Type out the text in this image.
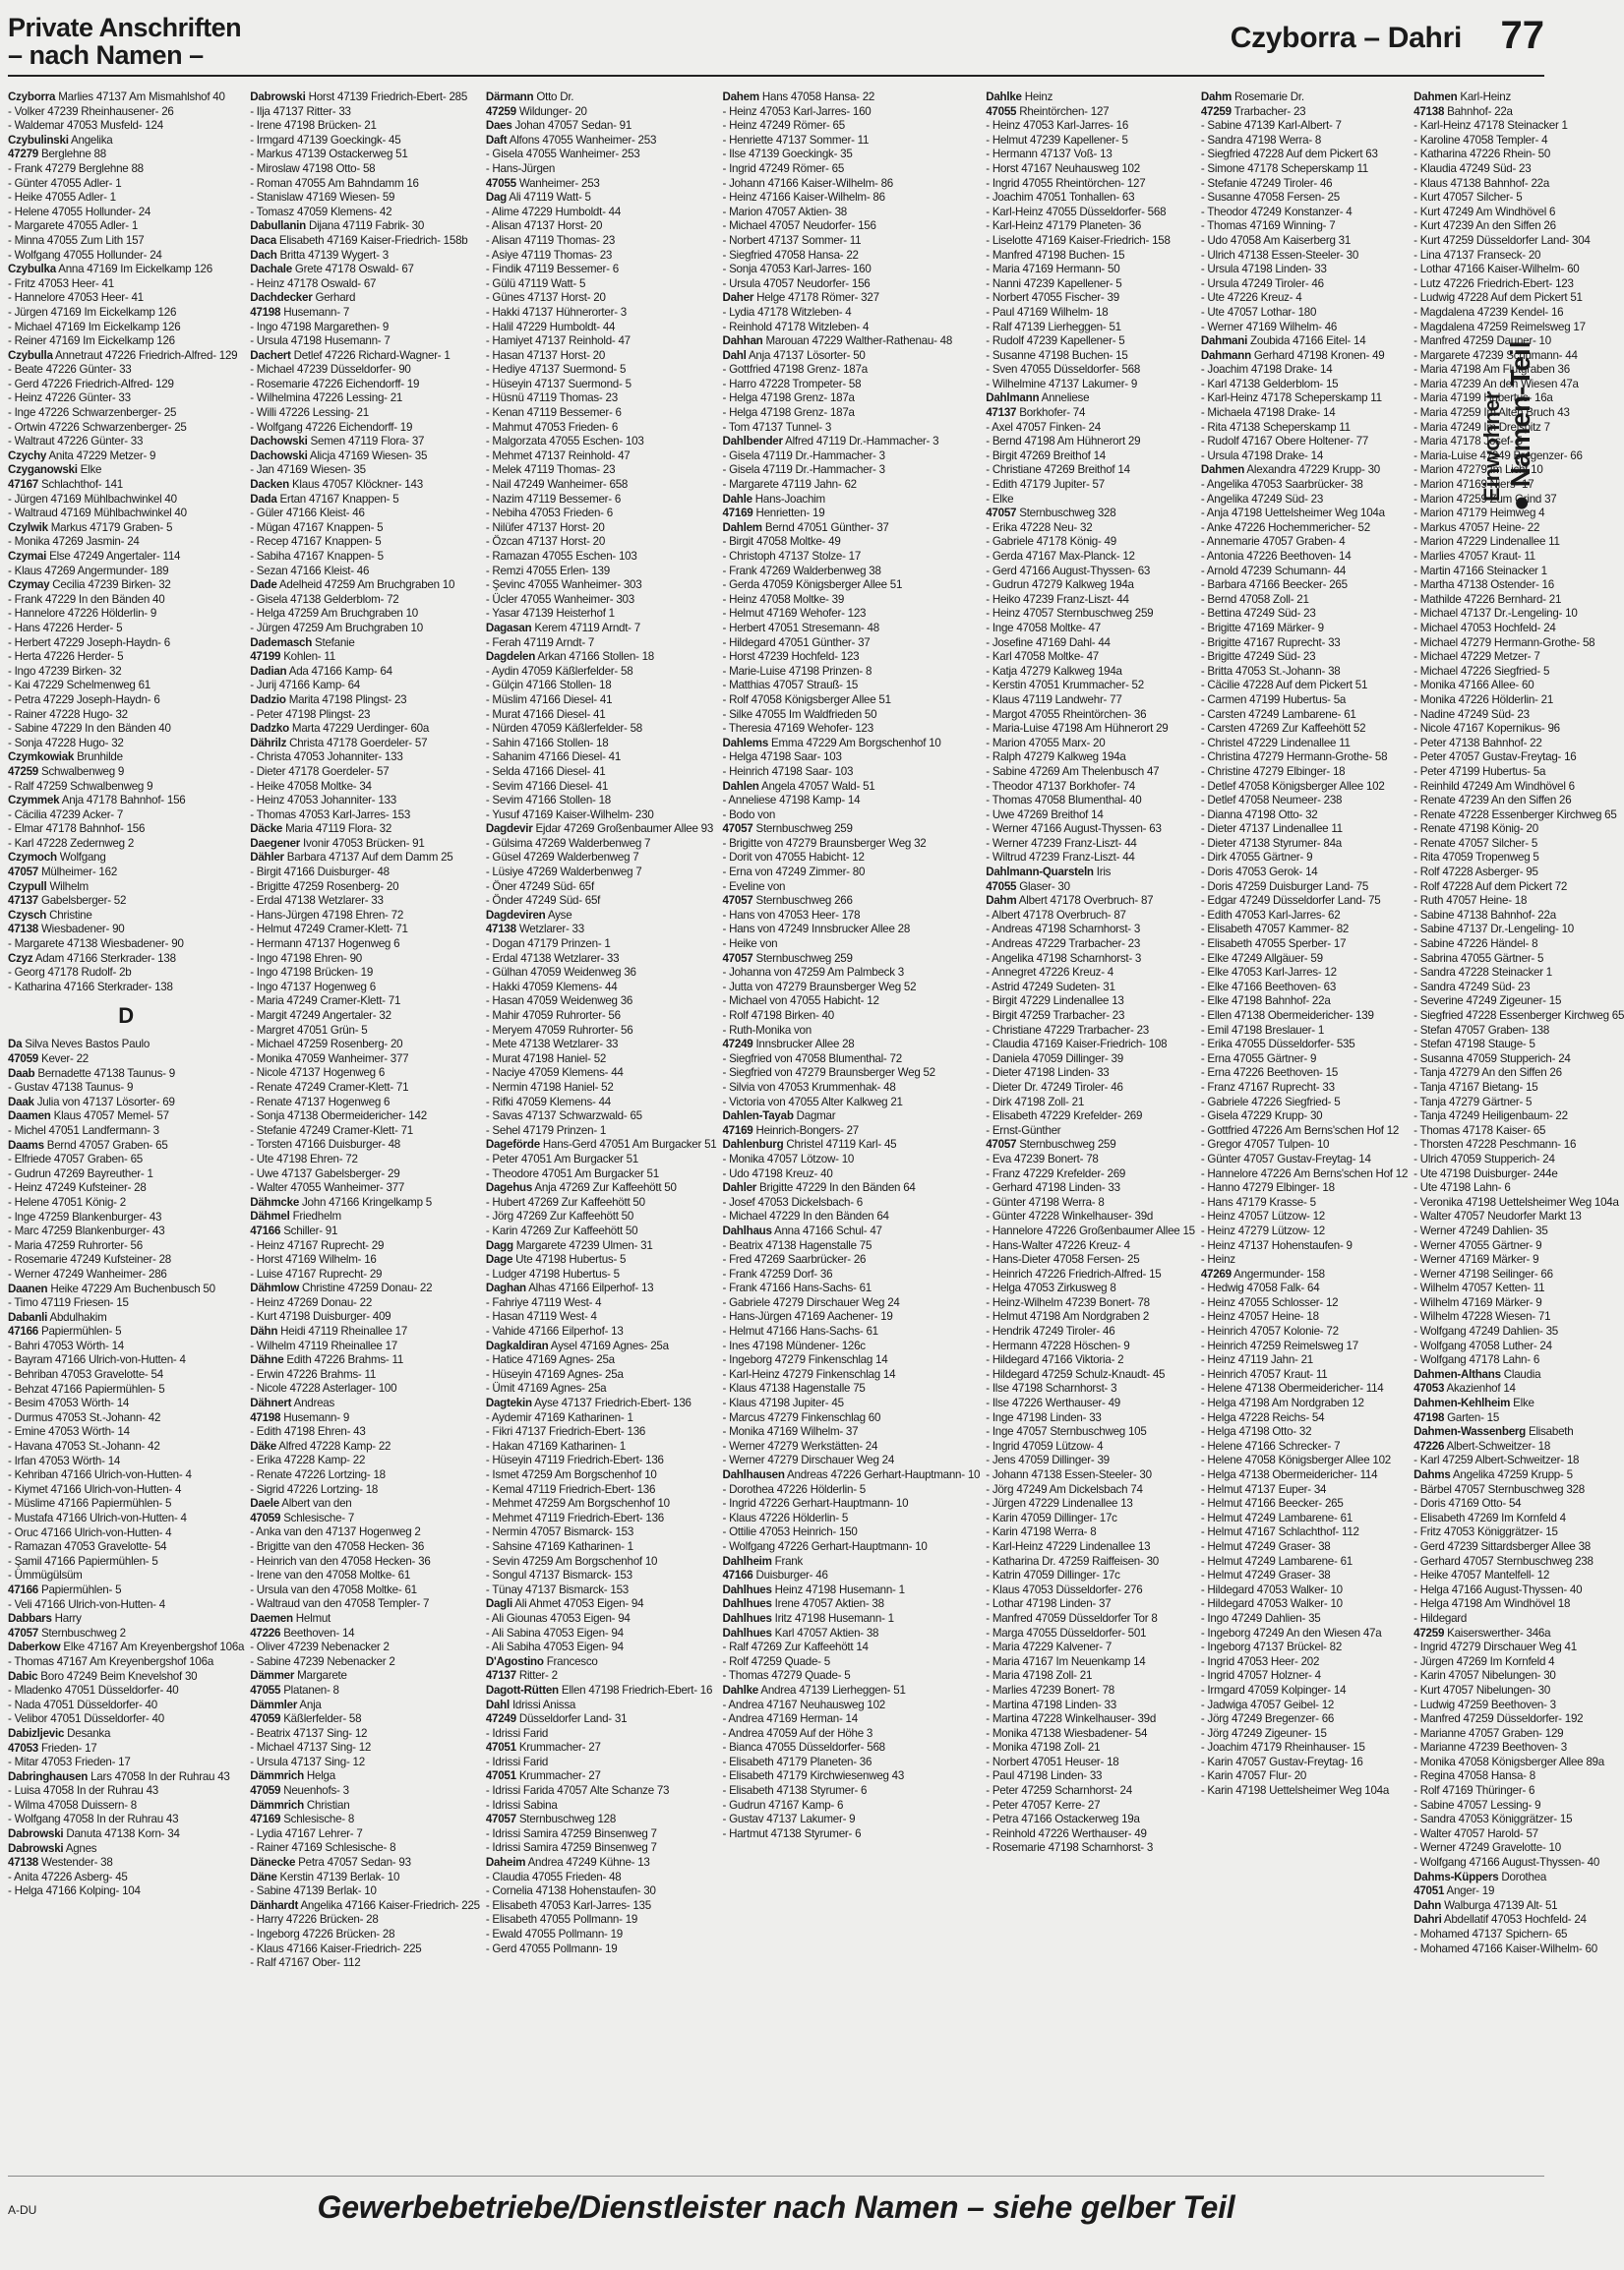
Private Anschriften
– nach Namen –
Czyborra – Dahri 77
Czyborra Marlies 47137 Am Mismahlshof 40
- Volker 47239 Rheinhausener- 26
- Waldemar 47053 Musfeld- 124
Czybulinski Angelika
47279 Berglehne 88
- Frank 47279 Berglehne 88
- Günter 47055 Adler- 1
- Heike 47055 Adler- 1
- Helene 47055 Hollunder- 24
- Margarete 47055 Adler- 1
- Minna 47055 Zum Lith 157
- Wolfgang 47055 Hollunder- 24
Czybulka Anna 47169 Im Eickelkamp 126
- Fritz 47053 Heer- 41
- Hannelore 47053 Heer- 41
- Jürgen 47169 Im Eickelkamp 126
- Michael 47169 Im Eickelkamp 126
- Reiner 47169 Im Eickelkamp 126
Czybulla Annetraut 47226 Friedrich-Alfred- 129
- Beate 47226 Günter- 33
- Gerd 47226 Friedrich-Alfred- 129
- Heinz 47226 Günter- 33
- Inge 47226 Schwarzenberger- 25
- Ortwin 47226 Schwarzenberger- 25
- Waltraut 47226 Günter- 33
Czychy Anita 47229 Metzer- 9
Czyganowski Elke
47167 Schlachthof- 141
- Jürgen 47169 Mühlbachwinkel 40
- Waltraud 47169 Mühlbachwinkel 40
Czylwik Markus 47179 Graben- 5
- Monika 47269 Jasmin- 24
Czymai Else 47249 Angertaler- 114
- Klaus 47269 Angermunder- 189
Czymay Cecilia 47239 Birken- 32
- Frank 47229 In den Bänden 40
- Hannelore 47226 Hölderlin- 9
- Hans 47226 Herder- 5
- Herbert 47229 Joseph-Haydn- 6
- Herta 47226 Herder- 5
- Ingo 47239 Birken- 32
- Kai 47229 Schelmenweg 61
- Petra 47229 Joseph-Haydn- 6
- Rainer 47228 Hugo- 32
- Sabine 47229 In den Bänden 40
- Sonja 47228 Hugo- 32
Czymkowiak Brunhilde
47259 Schwalbenweg 9
- Ralf 47259 Schwalbenweg 9
Czymmek Anja 47178 Bahnhof- 156
- Cäcilia 47239 Acker- 7
- Elmar 47178 Bahnhof- 156
- Karl 47228 Zedernweg 2
Czymoch Wolfgang
47057 Mülheimer- 162
Czypull Wilhelm
47137 Gabelsberger- 52
Czysch Christine
47138 Wiesbadener- 90
- Margarete 47138 Wiesbadener- 90
Czyz Adam 47166 Sterkrader- 138
- Georg 47178 Rudolf- 2b
- Katharina 47166 Sterkrader- 138
D
Da Silva Neves Bastos Paulo
47059 Kever- 22
Daab Bernadette 47138 Taunus- 9
- Gustav 47138 Taunus- 9
Daak Julia von 47137 Lösorter- 69
Daamen Klaus 47057 Memel- 57
- Michel 47051 Landfermann- 3
Daams Bernd 47057 Graben- 65
- Elfriede 47057 Graben- 65
- Gudrun 47269 Bayreuther- 1
- Heinz 47249 Kufsteiner- 28
- Helene 47051 König- 2
- Inge 47259 Blankenburger- 43
- Marc 47259 Blankenburger- 43
- Maria 47259 Ruhrorter- 56
- Rosemarie 47249 Kufsteiner- 28
- Werner 47249 Wanheimer- 286
Daanen Heike 47229 Am Buchenbusch 50
- Timo 47119 Friesen- 15
Dabanli Abdulhakim
47166 Papiermühlen- 5
- Bahri 47053 Wörth- 14
- Bayram 47166 Ulrich-von-Hutten- 4
- Behriban 47053 Gravelotte- 54
- Behzat 47166 Papiermühlen- 5
- Besim 47053 Wörth- 14
- Durmus 47053 St.-Johann- 42
- Emine 47053 Wörth- 14
- Havana 47053 St.-Johann- 42
- Irfan 47053 Wörth- 14
- Kehriban 47166 Ulrich-von-Hutten- 4
- Kiymet 47166 Ulrich-von-Hutten- 4
- Müslime 47166 Papiermühlen- 5
- Mustafa 47166 Ulrich-von-Hutten- 4
- Oruc 47166 Ulrich-von-Hutten- 4
- Ramazan 47053 Gravelotte- 54
- Şamil 47166 Papiermühlen- 5
- Ümmügülsüm
47166 Papiermühlen- 5
- Veli 47166 Ulrich-von-Hutten- 4
Dabbars Harry
47057 Sternbuschweg 2
Daberkow Elke 47167 Am Kreyenbergshof 106a
- Thomas 47167 Am Kreyenbergshof 106a
Dabic Boro 47249 Beim Knevelshof 30
- Mladenko 47051 Düsseldorfer- 40
- Nada 47051 Düsseldorfer- 40
- Velibor 47051 Düsseldorfer- 40
Dabizljevic Desanka
47053 Frieden- 17
- Mitar 47053 Frieden- 17
Dabringhausen Lars 47058 In der Ruhrau 43
- Luisa 47058 In der Ruhrau 43
- Wilma 47058 Duissern- 8
- Wolfgang 47058 In der Ruhrau 43
Dabrowski Danuta 47138 Korn- 34
Dabrowski Agnes
47138 Westender- 38
- Anita 47226 Asberg- 45
- Helga 47166 Kolping- 104
Dabrowski Horst 47139 Friedrich-Ebert- 285
- Ilja 47137 Ritter- 33
- Irene 47198 Brücken- 21
- Irmgard 47139 Goeckingk- 45
- Markus 47139 Ostackerweg 51
- Miroslaw 47198 Otto- 58
- Roman 47055 Am Bahndamm 16
- Stanislaw 47169 Wiesen- 59
- Tomasz 47059 Klemens- 42
Dabullanin Dijana 47119 Fabrik- 30
Daca Elisabeth 47169 Kaiser-Friedrich- 158b
Dach Britta 47139 Wygert- 3
Dachale Grete 47178 Oswald- 67
- Heinz 47178 Oswald- 67
Dachdecker Gerhard
47198 Husemann- 7
- Ingo 47198 Margarethen- 9
- Ursula 47198 Husemann- 7
Dachert Detlef 47226 Richard-Wagner- 1
- Michael 47239 Düsseldorfer- 90
- Rosemarie 47226 Eichendorff- 19
- Wilhelmina 47226 Lessing- 21
- Willi 47226 Lessing- 21
- Wolfgang 47226 Eichendorff- 19
Dachowski Semen 47119 Flora- 37
Dachowski Alicja 47169 Wiesen- 35
- Jan 47169 Wiesen- 35
Dacken Klaus 47057 Klöckner- 143
Dada Ertan 47167 Knappen- 5
- Güler 47166 Kleist- 46
- Mügan 47167 Knappen- 5
- Recep 47167 Knappen- 5
- Sabiha 47167 Knappen- 5
- Sezan 47166 Kleist- 46
Dade Adelheid 47259 Am Bruchgraben 10
- Gisela 47138 Gelderblom- 72
- Helga 47259 Am Bruchgraben 10
- Jürgen 47259 Am Bruchgraben 10
Dademasch Stefanie
47199 Kohlen- 11
Dadian Ada 47166 Kamp- 64
- Jurij 47166 Kamp- 64
Dadzio Marita 47198 Plingst- 23
- Peter 47198 Plingst- 23
Dadzko Marta 47229 Uerdinger- 60a
Dährilz Christa 47178 Goerdeler- 57
- Christa 47053 Johanniter- 133
- Dieter 47178 Goerdeler- 57
- Heike 47058 Moltke- 34
- Heinz 47053 Johanniter- 133
- Thomas 47053 Karl-Jarres- 153
Däcke Maria 47119 Flora- 32
Daegener Ivonir 47053 Brücken- 91
Dähler Barbara 47137 Auf dem Damm 25
- Birgit 47166 Duisburger- 48
- Brigitte 47259 Rosenberg- 20
- Erdal 47138 Wetzlarer- 33
- Hans-Jürgen 47198 Ehren- 72
- Helmut 47249 Cramer-Klett- 71
- Hermann 47137 Hogenweg 6
- Ingo 47198 Ehren- 90
- Ingo 47198 Brücken- 19
- Ingo 47137 Hogenweg 6
- Maria 47249 Cramer-Klett- 71
- Margit 47249 Angertaler- 32
- Margret 47051 Grün- 5
- Michael 47259 Rosenberg- 20
- Monika 47059 Wanheimer- 377
- Nicole 47137 Hogenweg 6
- Renate 47249 Cramer-Klett- 71
- Renate 47137 Hogenweg 6
- Sonja 47138 Obermeidericher- 142
- Stefanie 47249 Cramer-Klett- 71
- Torsten 47166 Duisburger- 48
- Ute 47198 Ehren- 72
- Uwe 47137 Gabelsberger- 29
- Walter 47055 Wanheimer- 377
Dähmcke John 47166 Kringelkamp 5
Dähmel Friedhelm
47166 Schiller- 91
- Heinz 47167 Ruprecht- 29
- Horst 47169 Wilhelm- 16
- Luise 47167 Ruprecht- 29
Dähmlow Christine 47259 Donau- 22
- Heinz 47269 Donau- 22
- Kurt 47198 Duisburger- 409
Dähn Heidi 47119 Rheinallee 17
- Wilhelm 47119 Rheinallee 17
Dähne Edith 47226 Brahms- 11
- Erwin 47226 Brahms- 11
- Nicole 47228 Asterlager- 100
Dähnert Andreas
47198 Husemann- 9
- Edith 47198 Ehren- 43
Däke Alfred 47228 Kamp- 22
- Erika 47228 Kamp- 22
- Renate 47226 Lortzing- 18
- Sigrid 47226 Lortzing- 18
Daele Albert van den
47059 Schlesische- 7
- Anka van den 47137 Hogenweg 2
- Brigitte van den 47058 Hecken- 36
- Heinrich van den 47058 Hecken- 36
- Irene van den 47058 Moltke- 61
- Ursula van den 47058 Moltke- 61
- Waltraud van den 47058 Templer- 7
Daemen Helmut
47226 Beethoven- 14
- Oliver 47239 Nebenacker 2
- Sabine 47239 Nebenacker 2
Dämmer Margarete
47055 Platanen- 8
Dämmler Anja
47059 Käßlerfelder- 58
- Beatrix 47137 Sing- 12
- Michael 47137 Sing- 12
- Ursula 47137 Sing- 12
Dämmrich Helga
47059 Neuenhofs- 3
Dämmrich Christian
47169 Schlesische- 8
- Lydia 47167 Lehrer- 7
- Rainer 47169 Schlesische- 8
Dänecke Petra 47057 Sedan- 93
Däne Kerstin 47139 Berlak- 10
- Sabine 47139 Berlak- 10
Dänhardt Angelika 47166 Kaiser-Friedrich- 225
- Harry 47226 Brücken- 28
- Ingeborg 47226 Brücken- 28
- Klaus 47166 Kaiser-Friedrich- 225
- Ralf 47167 Ober- 112
Därmann Otto Dr.
47259 Wildunger- 20
Daes Johan 47057 Sedan- 91
Daft Alfons 47055 Wanheimer- 253
- Gisela 47055 Wanheimer- 253
- Hans-Jürgen
47055 Wanheimer- 253
Dag Ali 47119 Watt- 5
- Alime 47229 Humboldt- 44
- Alisan 47137 Horst- 20
- Alisan 47119 Thomas- 23
- Asiye 47119 Thomas- 23
- Findik 47119 Bessemer- 6
- Gülü 47119 Watt- 5
- Günes 47137 Horst- 20
- Hakki 47137 Hühnerorter- 3
- Halil 47229 Humboldt- 44
- Hamiyet 47137 Reinhold- 47
- Hasan 47137 Horst- 20
- Hediye 47137 Suermond- 5
- Hüseyin 47137 Suermond- 5
- Hüsnü 47119 Thomas- 23
- Kenan 47119 Bessemer- 6
- Mahmut 47053 Frieden- 6
- Malgorzata 47055 Eschen- 103
- Mehmet 47137 Reinhold- 47
- Melek 47119 Thomas- 23
- Nail 47249 Wanheimer- 658
- Nazim 47119 Bessemer- 6
- Nebiha 47053 Frieden- 6
- Nilüfer 47137 Horst- 20
- Özcan 47137 Horst- 20
- Ramazan 47055 Eschen- 103
- Remzi 47055 Erlen- 139
- Şevinc 47055 Wanheimer- 303
- Ücler 47055 Wanheimer- 303
- Yasar 47139 Heisterhof 1
Dagasan Kerem 47119 Arndt- 7
- Ferah 47119 Arndt- 7
Dagdelen Arkan 47166 Stollen- 18
- Aydin 47059 Käßlerfelder- 58
- Gülçin 47166 Stollen- 18
- Müslim 47166 Diesel- 41
- Murat 47166 Diesel- 41
- Nürden 47059 Käßlerfelder- 58
- Sahin 47166 Stollen- 18
- Sahanim 47166 Diesel- 41
- Selda 47166 Diesel- 41
- Sevim 47166 Diesel- 41
- Sevim 47166 Stollen- 18
- Yusuf 47169 Kaiser-Wilhelm- 230
Dagdevir Ejdar 47269 Großenbaumer Allee 93
- Gülsima 47269 Walderbenweg 7
- Güsel 47269 Walderbenweg 7
- Lüsiye 47269 Walderbenweg 7
- Öner 47249 Süd- 65f
- Önder 47249 Süd- 65f
Dagdeviren Ayse
47138 Wetzlarer- 33
- Dogan 47179 Prinzen- 1
- Erdal 47138 Wetzlarer- 33
- Gülhan 47059 Weidenweg 36
- Hakki 47059 Klemens- 44
- Hasan 47059 Weidenweg 36
- Mahir 47059 Ruhrorter- 56
- Meryem 47059 Ruhrorter- 56
- Mete 47138 Wetzlarer- 33
- Murat 47198 Haniel- 52
- Naciye 47059 Klemens- 44
- Nermin 47198 Haniel- 52
- Rifki 47059 Klemens- 44
- Savas 47137 Schwarzwald- 65
- Sehel 47179 Prinzen- 1
Dageförde Hans-Gerd 47051 Am Burgacker 51
- Peter 47051 Am Burgacker 51
- Theodore 47051 Am Burgacker 51
Dagehus Anja 47269 Zur Kaffeehött 50
- Hubert 47269 Zur Kaffeehött 50
- Jörg 47269 Zur Kaffeehött 50
- Karin 47269 Zur Kaffeehött 50
Dagg Margarete 47239 Ulmen- 31
Dage Ute 47198 Hubertus- 5
- Ludger 47198 Hubertus- 5
Daghan Alhas 47166 Eilperhof- 13
- Fahriye 47119 West- 4
- Hasan 47119 West- 4
- Vahide 47166 Eilperhof- 13
Dagkaldiran Aysel 47169 Agnes- 25a
- Hatice 47169 Agnes- 25a
- Hüseyin 47169 Agnes- 25a
- Ümit 47169 Agnes- 25a
Dagtekin Ayse 47137 Friedrich-Ebert- 136
- Aydemir 47169 Katharinen- 1
- Fikri 47137 Friedrich-Ebert- 136
- Hakan 47169 Katharinen- 1
- Hüseyin 47119 Friedrich-Ebert- 136
- Ismet 47259 Am Borgschenhof 10
- Kemal 47119 Friedrich-Ebert- 136
- Mehmet 47259 Am Borgschenhof 10
- Mehmet 47119 Friedrich-Ebert- 136
- Nermin 47057 Bismarck- 153
- Sahsine 47169 Katharinen- 1
- Sevin 47259 Am Borgschenhof 10
- Songul 47137 Bismarck- 153
- Tünay 47137 Bismarck- 153
Dagli Ali Ahmet 47053 Eigen- 94
- Ali Giounas 47053 Eigen- 94
- Ali Sabina 47053 Eigen- 94
- Ali Sabiha 47053 Eigen- 94
D'Agostino Francesco
47137 Ritter- 2
Dagott-Rütten Ellen 47198 Friedrich-Ebert- 16
Dahl Idrissi Anissa
47249 Düsseldorfer Land- 31
- Idrissi Farid
47051 Krummacher- 27
- Idrissi Farid
47051 Krummacher- 27
- Idrissi Farida 47057 Alte Schanze 73
- Idrissi Sabina
47057 Sternbuschweg 128
- Idrissi Samira 47259 Binsenweg 7
- Idrissi Samira 47259 Binsenweg 7
Daheim Andrea 47249 Kühne- 13
- Claudia 47055 Frieden- 48
- Cornelia 47138 Hohenstaufen- 30
- Elisabeth 47053 Karl-Jarres- 135
- Elisabeth 47055 Pollmann- 19
- Ewald 47055 Pollmann- 19
- Gerd 47055 Pollmann- 19
Dahem Hans 47058 Hansa- 22
- Heinz 47053 Karl-Jarres- 160
- Heinz 47249 Römer- 65
- Henriette 47137 Sommer- 11
- Ilse 47139 Goeckingk- 35
- Ingrid 47249 Römer- 65
- Johann 47166 Kaiser-Wilhelm- 86
- Heinz 47166 Kaiser-Wilhelm- 86
- Marion 47057 Aktien- 38
- Michael 47057 Neudorfer- 156
- Norbert 47137 Sommer- 11
- Siegfried 47058 Hansa- 22
- Sonja 47053 Karl-Jarres- 160
- Ursula 47057 Neudorfer- 156
Daher Helge 47178 Römer- 327
- Lydia 47178 Witzleben- 4
- Reinhold 47178 Witzleben- 4
Dahhan Marouan 47229 Walther-Rathenau- 48
Dahl Anja 47137 Lösorter- 50
- Gottfried 47198 Grenz- 187a
- Harro 47228 Trompeter- 58
- Helga 47198 Grenz- 187a
- Helga 47198 Grenz- 187a
- Tom 47137 Tunnel- 3
Dahlbender Alfred 47119 Dr.-Hammacher- 3
- Gisela 47119 Dr.-Hammacher- 3
- Gisela 47119 Dr.-Hammacher- 3
- Margarete 47119 Jahn- 62
Dahle Hans-Joachim
47169 Henrietten- 19
Dahlem Bernd 47051 Günther- 37
- Birgit 47058 Moltke- 49
- Christoph 47137 Stolze- 17
- Frank 47269 Walderbenweg 38
- Gerda 47059 Königsberger Allee 51
- Heinz 47058 Moltke- 39
- Helmut 47169 Wehofer- 123
- Herbert 47051 Stresemann- 48
- Hildegard 47051 Günther- 37
- Horst 47239 Hochfeld- 123
- Marie-Luise 47198 Prinzen- 8
- Matthias 47057 Strauß- 15
- Rolf 47058 Königsberger Allee 51
- Silke 47055 Im Waldfrieden 50
- Theresia 47169 Wehofer- 123
Dahlems Emma 47229 Am Borgschenhof 10
- Helga 47198 Saar- 103
- Heinrich 47198 Saar- 103
Dahlen Angela 47057 Wald- 51
- Anneliese 47198 Kamp- 14
- Bodo von
47057 Sternbuschweg 259
- Brigitte von 47279 Braunsberger Weg 32
- Dorit von 47055 Habicht- 12
- Erna von 47249 Zimmer- 80
- Eveline von
47057 Sternbuschweg 266
- Hans von 47053 Heer- 178
- Hans von 47249 Innsbrucker Allee 28
- Heike von
47057 Sternbuschweg 259
- Johanna von 47259 Am Palmbeck 3
- Jutta von 47279 Braunsberger Weg 52
- Michael von 47055 Habicht- 12
- Rolf 47198 Birken- 40
- Ruth-Monika von
47249 Innsbrucker Allee 28
- Siegfried von 47058 Blumenthal- 72
- Siegfried von 47279 Braunsberger Weg 52
- Silvia von 47053 Krummenhak- 48
- Victoria von 47055 Alter Kalkweg 21
Dahlen-Tayab Dagmar
47169 Heinrich-Bongers- 27
Dahlenburg Christel 47119 Karl- 45
- Monika 47057 Lötzow- 10
- Udo 47198 Kreuz- 40
Dahler Brigitte 47229 In den Bänden 64
- Josef 47053 Dickelsbach- 6
- Michael 47229 In den Bänden 64
Dahlhaus Anna 47166 Schul- 47
- Beatrix 47138 Hagenstalle 75
- Fred 47269 Saarbrücker- 26
- Frank 47259 Dorf- 36
- Frank 47166 Hans-Sachs- 61
- Gabriele 47279 Dirschauer Weg 24
- Hans-Jürgen 47169 Aachener- 19
- Helmut 47166 Hans-Sachs- 61
- Ines 47198 Mündener- 126c
- Ingeborg 47279 Finkenschlag 14
- Karl-Heinz 47279 Finkenschlag 14
- Klaus 47138 Hagenstalle 75
- Klaus 47198 Jupiter- 45
- Marcus 47279 Finkenschlag 60
- Monika 47169 Wilhelm- 37
- Werner 47279 Werkstätten- 24
- Werner 47279 Dirschauer Weg 24
Dahlhausen Andreas 47226 Gerhart-Hauptmann- 10
- Dorothea 47226 Hölderlin- 5
- Ingrid 47226 Gerhart-Hauptmann- 10
- Klaus 47226 Hölderlin- 5
- Ottilie 47053 Heinrich- 150
- Wolfgang 47226 Gerhart-Hauptmann- 10
Dahlheim Frank
47166 Duisburger- 46
Dahlhues Heinz 47198 Husemann- 1
Dahlhues Irene 47057 Aktien- 38
Dahlhues Iritz 47198 Husemann- 1
Dahlhues Karl 47057 Aktien- 38
- Ralf 47269 Zur Kaffeehött 14
- Rolf 47259 Quade- 5
- Thomas 47279 Quade- 5
Dahlke Andrea 47139 Lierheggen- 51
- Andrea 47167 Neuhausweg 102
- Andrea 47169 Herman- 14
- Andrea 47059 Auf der Höhe 3
- Bianca 47055 Düsseldorfer- 568
- Elisabeth 47179 Planeten- 36
- Elisabeth 47179 Kirchwiesenweg 43
- Elisabeth 47138 Styrumer- 6
- Gudrun 47167 Kamp- 6
- Gustav 47137 Lakumer- 9
- Hartmut 47138 Styrumer- 6
Dahlke Heinz
47055 Rheintörchen- 127
- Heinz 47053 Karl-Jarres- 16
- Helmut 47239 Kapellener- 5
- Hermann 47137 Voß- 13
- Horst 47167 Neuhausweg 102
- Ingrid 47055 Rheintörchen- 127
- Joachim 47051 Tonhallen- 63
- Karl-Heinz 47055 Düsseldorfer- 568
- Karl-Heinz 47179 Planeten- 36
- Liselotte 47169 Kaiser-Friedrich- 158
- Manfred 47198 Buchen- 15
- Maria 47169 Hermann- 50
- Nanni 47239 Kapellener- 5
- Norbert 47055 Fischer- 39
- Paul 47169 Wilhelm- 18
- Ralf 47139 Lierheggen- 51
- Rudolf 47239 Kapellener- 5
- Susanne 47198 Buchen- 15
- Sven 47055 Düsseldorfer- 568
- Wilhelmine 47137 Lakumer- 9
Dahlmann Anneliese
47137 Borkhofer- 74
- Axel 47057 Finken- 24
- Bernd 47198 Am Hühnerort 29
- Birgit 47269 Breithof 14
- Christiane 47269 Breithof 14
- Edith 47179 Jupiter- 57
- Elke
47057 Sternbuschweg 328
- Erika 47228 Neu- 32
- Gabriele 47178 König- 49
- Gerda 47167 Max-Planck- 12
- Gerd 47166 August-Thyssen- 63
- Gudrun 47279 Kalkweg 194a
- Heiko 47239 Franz-Liszt- 44
- Heinz 47057 Sternbuschweg 259
- Inge 47058 Moltke- 47
- Josefine 47169 Dahl- 44
- Karl 47058 Moltke- 47
- Katja 47279 Kalkweg 194a
- Kerstin 47051 Krummacher- 52
- Klaus 47119 Landwehr- 77
- Margot 47055 Rheintörchen- 36
- Maria-Luise 47198 Am Hühnerort 29
- Marion 47055 Marx- 20
- Ralph 47279 Kalkweg 194a
- Sabine 47269 Am Thelenbusch 47
- Theodor 47137 Borkhofer- 74
- Thomas 47058 Blumenthal- 40
- Uwe 47269 Breithof 14
- Werner 47166 August-Thyssen- 63
- Werner 47239 Franz-Liszt- 44
- Wiltrud 47239 Franz-Liszt- 44
Dahlmann-Quarsteln Iris
47055 Glaser- 30
Dahm Albert 47178 Overbruch- 87
- Albert 47178 Overbruch- 87
- Andreas 47198 Scharnhorst- 3
- Andreas 47229 Trarbacher- 23
- Angelika 47198 Scharnhorst- 3
- Annegret 47226 Kreuz- 4
- Astrid 47249 Sudeten- 31
- Birgit 47229 Lindenallee 13
- Birgit 47259 Trarbacher- 23
- Christiane 47229 Trarbacher- 23
- Claudia 47169 Kaiser-Friedrich- 108
- Daniela 47059 Dillinger- 39
- Dieter 47198 Linden- 33
- Dieter Dr. 47249 Tiroler- 46
- Dirk 47198 Zoll- 21
- Elisabeth 47229 Krefelder- 269
- Ernst-Günther
47057 Sternbuschweg 259
- Eva 47239 Bonert- 78
- Franz 47229 Krefelder- 269
- Gerhard 47198 Linden- 33
- Günter 47198 Werra- 8
- Günter 47228 Winkelhauser- 39d
- Hannelore 47226 Großenbaumer Allee 15
- Hans-Walter 47226 Kreuz- 4
- Hans-Dieter 47058 Fersen- 25
- Heinrich 47226 Friedrich-Alfred- 15
- Helga 47053 Zirkusweg 8
- Heinz-Wilhelm 47239 Bonert- 78
- Helmut 47198 Am Nordgraben 2
- Hendrik 47249 Tiroler- 46
- Hermann 47228 Höschen- 9
- Hildegard 47166 Viktoria- 2
- Hildegard 47259 Schulz-Knaudt- 45
- Ilse 47198 Scharnhorst- 3
- Ilse 47226 Werthauser- 49
- Inge 47198 Linden- 33
- Inge 47057 Sternbuschweg 105
- Ingrid 47059 Lützow- 4
- Jens 47059 Dillinger- 39
- Johann 47138 Essen-Steeler- 30
- Jörg 47249 Am Dickelsbach 74
- Jürgen 47229 Lindenallee 13
- Karin 47059 Dillinger- 17c
- Karin 47198 Werra- 8
- Karl-Heinz 47229 Lindenallee 13
- Katharina Dr. 47259 Raiffeisen- 30
- Katrin 47059 Dillinger- 17c
- Klaus 47053 Düsseldorfer- 276
- Lothar 47198 Linden- 37
- Manfred 47059 Düsseldorfer Tor 8
- Marga 47055 Düsseldorfer- 501
- Maria 47229 Kalvener- 7
- Maria 47167 Im Neuenkamp 14
- Maria 47198 Zoll- 21
- Marlies 47239 Bonert- 78
- Martina 47198 Linden- 33
- Martina 47228 Winkelhauser- 39d
- Monika 47138 Wiesbadener- 54
- Monika 47198 Zoll- 21
- Norbert 47051 Heuser- 18
- Paul 47198 Linden- 33
- Peter 47259 Scharnhorst- 24
- Peter 47057 Kerre- 27
- Petra 47166 Ostackerweg 19a
- Reinhold 47226 Werthauser- 49
- Rosemarie 47198 Scharnhorst- 3
Dahm Rosemarie Dr.
47259 Trarbacher- 23
- Sabine 47139 Karl-Albert- 7
- Sandra 47198 Werra- 8
- Siegfried 47228 Auf dem Pickert 63
- Simone 47178 Scheperskamp 11
- Stefanie 47249 Tiroler- 46
- Susanne 47058 Fersen- 25
- Theodor 47249 Konstanzer- 4
- Thomas 47169 Winning- 7
- Udo 47058 Am Kaiserberg 31
- Ulrich 47138 Essen-Steeler- 30
- Ursula 47198 Linden- 33
- Ursula 47249 Tiroler- 46
- Ute 47226 Kreuz- 4
- Ute 47057 Lothar- 180
- Werner 47169 Wilhelm- 46
Dahmani Zoubida 47166 Eitel- 14
Dahmann Gerhard 47198 Kronen- 49
- Joachim 47198 Drake- 14
- Karl 47138 Gelderblom- 15
- Karl-Heinz 47178 Scheperskamp 11
- Michaela 47198 Drake- 14
- Rita 47138 Scheperskamp 11
- Rudolf 47167 Obere Holtener- 77
- Ursula 47198 Drake- 14
Dahmen Alexandra 47229 Krupp- 30
- Angelika 47053 Saarbrücker- 38
- Angelika 47249 Süd- 23
- Anja 47198 Uettelsheimer Weg 104a
- Anke 47226 Hochemmericher- 52
- Annemarie 47057 Graben- 4
- Antonia 47226 Beethoven- 14
- Arnold 47239 Schumann- 44
- Barbara 47166 Beecker- 265
- Bernd 47058 Zoll- 21
- Bettina 47249 Süd- 23
- Brigitte 47169 Märker- 9
- Brigitte 47167 Ruprecht- 33
- Brigitte 47249 Süd- 23
- Britta 47053 St.-Johann- 38
- Cäcilie 47228 Auf dem Pickert 51
- Carmen 47199 Hubertus- 5a
- Carsten 47249 Lambarene- 61
- Carsten 47269 Zur Kaffeehött 52
- Christel 47229 Lindenallee 11
- Christina 47279 Hermann-Grothe- 58
- Christine 47279 Elbinger- 18
- Detlef 47058 Königsberger Allee 102
- Detlef 47058 Neumeer- 238
- Dianna 47198 Otto- 32
- Dieter 47137 Lindenallee 11
- Dieter 47138 Styrumer- 84a
- Dirk 47055 Gärtner- 9
- Doris 47053 Gerok- 14
- Doris 47259 Duisburger Land- 75
- Edgar 47249 Düsseldorfer Land- 75
- Edith 47053 Karl-Jarres- 62
- Elisabeth 47057 Kammer- 82
- Elisabeth 47055 Sperber- 17
- Elke 47249 Allgäuer- 59
- Elke 47053 Karl-Jarres- 12
- Elke 47166 Beethoven- 63
- Elke 47198 Bahnhof- 22a
- Ellen 47138 Obermeidericher- 139
- Emil 47198 Breslauer- 1
- Erika 47055 Düsseldorfer- 535
- Erna 47055 Gärtner- 9
- Erna 47226 Beethoven- 15
- Franz 47167 Ruprecht- 33
- Gabriele 47226 Siegfried- 5
- Gisela 47229 Krupp- 30
- Gottfried 47226 Am Berns'schen Hof 12
- Gregor 47057 Tulpen- 10
- Günter 47057 Gustav-Freytag- 14
- Hannelore 47226 Am Berns'schen Hof 12
- Hanno 47279 Elbinger- 18
- Hans 47179 Krasse- 5
- Heinz 47057 Lützow- 12
- Heinz 47279 Lützow- 12
- Heinz 47137 Hohenstaufen- 9
- Heinz
47269 Angermunder- 158
- Hedwig 47058 Falk- 64
- Heinz 47055 Schlosser- 12
- Heinz 47057 Heine- 18
- Heinrich 47057 Kolonie- 72
- Heinrich 47259 Reimelsweg 17
- Heinz 47119 Jahn- 21
- Heinrich 47057 Kraut- 11
- Helene 47138 Obermeidericher- 114
- Helga 47198 Am Nordgraben 12
- Helga 47228 Reichs- 54
- Helga 47198 Otto- 32
- Helene 47166 Schrecker- 7
- Helene 47058 Königsberger Allee 102
- Helga 47138 Obermeidericher- 114
- Helmut 47137 Euper- 34
- Helmut 47166 Beecker- 265
- Helmut 47249 Lambarene- 61
- Helmut 47167 Schlachthof- 112
- Helmut 47249 Graser- 38
- Helmut 47249 Lambarene- 61
- Helmut 47249 Graser- 38
- Hildegard 47053 Walker- 10
- Hildegard 47053 Walker- 10
- Ingo 47249 Dahlien- 35
- Ingeborg 47249 An den Wiesen 47a
- Ingeborg 47137 Brückel- 82
- Ingrid 47053 Heer- 202
- Ingrid 47057 Holzner- 4
- Irmgard 47059 Kolpinger- 14
- Jadwiga 47057 Geibel- 12
- Jörg 47249 Bregenzer- 66
- Jörg 47249 Zigeuner- 15
- Joachim 47179 Rheinhauser- 15
- Karin 47057 Gustav-Freytag- 16
- Karin 47057 Flur- 20
- Karin 47198 Uettelsheimer Weg 104a
Dahmen Karl-Heinz
47138 Bahnhof- 22a
- Karl-Heinz 47178 Steinacker 1
- Karoline 47058 Templer- 4
- Katharina 47226 Rhein- 50
- Klaudia 47249 Süd- 23
- Klaus 47138 Bahnhof- 22a
- Kurt 47057 Silcher- 5
- Kurt 47249 Am Windhövel 6
- Kurt 47239 An den Siffen 26
- Kurt 47259 Düsseldorfer Land- 304
- Lina 47137 Franseck- 20
- Lothar 47166 Kaiser-Wilhelm- 60
- Lutz 47226 Friedrich-Ebert- 123
- Ludwig 47228 Auf dem Pickert 51
- Magdalena 47239 Kendel- 16
- Magdalena 47259 Reimelsweg 17
- Manfred 47259 Dauner- 10
- Margarete 47239 Schumann- 44
- Maria 47198 Am Flutgraben 36
- Maria 47239 An den Wiesen 47a
- Maria 47199 Hubertus- 16a
- Maria 47259 Im Alten Bruch 43
- Maria 47249 Im Dreispitz 7
- Maria 47178 Josef- 5
- Maria-Luise 47249 Bregenzer- 66
- Marion 47279 Im Licht 10
- Marion 47169 Niers- 17
- Marion 47259 Zum Grind 37
- Marion 47179 Heimweg 4
- Markus 47057 Heine- 22
- Marion 47229 Lindenallee 11
- Marlies 47057 Kraut- 11
- Martin 47166 Steinacker 1
- Martha 47138 Ostender- 16
- Mathilde 47226 Bernhard- 21
- Michael 47137 Dr.-Lengeling- 10
- Michael 47053 Hochfeld- 24
- Michael 47279 Hermann-Grothe- 58
- Michael 47229 Metzer- 7
- Michael 47226 Siegfried- 5
- Monika 47166 Allee- 60
- Monika 47226 Hölderlin- 21
- Nadine 47249 Süd- 23
- Nicole 47167 Kopernikus- 96
- Peter 47138 Bahnhof- 22
- Peter 47057 Gustav-Freytag- 16
- Peter 47199 Hubertus- 5a
- Reinhild 47249 Am Windhövel 6
- Renate 47239 An den Siffen 26
- Renate 47228 Essenberger Kirchweg 65
- Renate 47198 König- 20
- Renate 47057 Silcher- 5
- Rita 47059 Tropenweg 5
- Rolf 47228 Asberger- 95
- Rolf 47228 Auf dem Pickert 72
- Ruth 47057 Heine- 18
- Sabine 47138 Bahnhof- 22a
- Sabine 47137 Dr.-Lengeling- 10
- Sabine 47226 Händel- 8
- Sabrina 47055 Gärtner- 5
- Sandra 47228 Steinacker 1
- Sandra 47249 Süd- 23
- Severine 47249 Zigeuner- 15
- Siegfried 47228 Essenberger Kirchweg 65
- Stefan 47057 Graben- 138
- Stefan 47198 Stauge- 5
- Susanna 47059 Stupperich- 24
- Tanja 47279 An den Siffen 26
- Tanja 47167 Bietang- 15
- Tanja 47279 Gärtner- 5
- Tanja 47249 Heiligenbaum- 22
- Thomas 47178 Kaiser- 65
- Thorsten 47228 Peschmann- 16
- Ulrich 47059 Stupperich- 24
- Ute 47198 Duisburger- 244e
- Ute 47198 Lahn- 6
- Veronika 47198 Uettelsheimer Weg 104a
- Walter 47057 Neudorfer Markt 13
- Werner 47249 Dahlien- 35
- Werner 47055 Gärtner- 9
- Werner 47169 Märker- 9
- Werner 47198 Seilinger- 66
- Wilhelm 47057 Ketten- 11
- Wilhelm 47169 Märker- 9
- Wilhelm 47228 Wiesen- 71
- Wolfgang 47249 Dahlien- 35
- Wolfgang 47058 Luther- 24
- Wolfgang 47178 Lahn- 6
Dahmen-Althans Claudia
47053 Akazienhof 14
Dahmen-Kehlheim Elke
47198 Garten- 15
Dahmen-Wassenberg Elisabeth
47226 Albert-Schweitzer- 18
- Karl 47259 Albert-Schweitzer- 18
Dahms Angelika 47259 Krupp- 5
- Bärbel 47057 Sternbuschweg 328
- Doris 47169 Otto- 54
- Elisabeth 47269 Im Kornfeld 4
- Fritz 47053 Königgrätzer- 15
- Gerd 47239 Sittardsberger Allee 38
- Gerhard 47057 Sternbuschweg 238
- Heike 47057 Mantelfell- 12
- Helga 47166 August-Thyssen- 40
- Helga 47198 Am Windhövel 18
- Hildegard
47259 Kaiserswerther- 346a
- Ingrid 47279 Dirschauer Weg 41
- Jürgen 47269 Im Kornfeld 4
- Karin 47057 Nibelungen- 30
- Kurt 47057 Nibelungen- 30
- Ludwig 47259 Beethoven- 3
- Manfred 47259 Düsseldorfer- 192
- Marianne 47057 Graben- 129
- Marianne 47239 Beethoven- 3
- Monika 47058 Königsberger Allee 89a
- Regina 47058 Hansa- 8
- Rolf 47169 Thüringer- 6
- Sabine 47057 Lessing- 9
- Sandra 47053 Königgrätzer- 15
- Walter 47057 Harold- 57
- Werner 47249 Gravelotte- 10
- Wolfgang 47166 August-Thyssen- 40
Dahms-Küppers Dorothea
47051 Anger- 19
Dahn Walburga 47139 Alt- 51
Dahri Abdellatif 47053 Hochfeld- 24
- Mohamed 47137 Spichern- 65
- Mohamed 47166 Kaiser-Wilhelm- 60
Einwohner ● Namen-Teil
A-DU	Gewerbebetriebe/Dienstleister nach Namen – siehe gelber Teil
